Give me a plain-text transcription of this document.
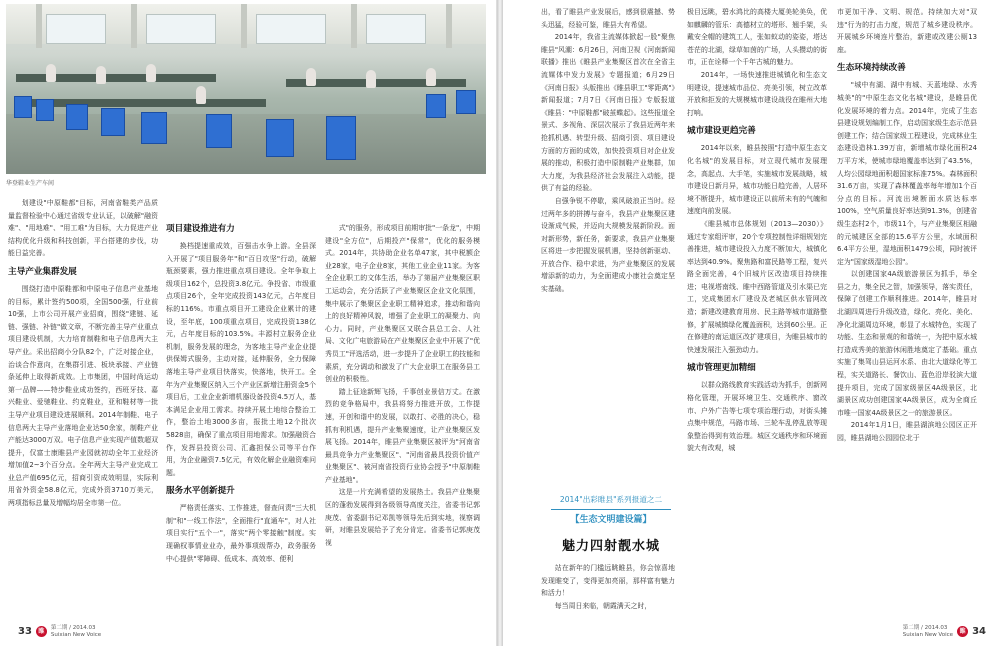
华登鞋业生产车间

划建设"中原鞋都"目标，河南省鞋类产品质量监督检验中心通过省级专业认证，以破解"融资难"、"用地难"、"用工难"为目标，大力促进产业结构优化升级和科技创新，平台搭建的步伐，功能日益完善。

主导产业集群发展

围绕打造中原鞋都和中原电子信息产业基地的目标，累计签约500项，全国500强，行业前10强，上市公司开展产业招商，围绕"建链、延链、强链、补链"做文章，不断完善主导产业重点项目建设机制，大力培育制鞋和电子信息两大主导产业。采出招商小分队82个，广泛对接企业，治谈合作意向，在集群引进、板块承接、产业链条延伸上取得新成效。上市集团，中国时尚运动第一品牌——特步鞋业成功签约，西班牙技、嘉兴鞋业、爱驰鞋业、约克鞋业，亚和鞋材等一批主导产业项目建设进展顺利。2014年制鞋、电子信息两大主导产业落地企业达50余家，制鞋产业产能达3000万双。电子信息产业实现产值数超双提升，仅富士康睢县产业园就初动全年工业经济增加值2~3个百分点。全年两大主导产业完成工业总产值695亿元，招商引资成效明显，实际利用省外资金58.8亿元，完成外资3710万美元，两项指标总量及增幅均居全市第一位。

项目建设推进有力

换档提速重成效，百强击水争上游。全县深入开展了"项目服务年"和"百日攻坚"行动，破解瓶颈要素，强力推进重点项目建设。全年争取上级项目162个，总投资3.8亿元。争投省、市级重点项目26个，全年完成投资143亿元，占年度目标的116%。市重点项目开工建设企业累计的建设，至年底，100项重点项目，完成投资138亿元，占年度目标的103.5%。丰源村立服务企业机制，服务发展的理念，为客地主导产业企业提供保姆式服务，主动对接，延伸服务，全力保障落地主导产业项目快落实，快落地，快开工。全年为产业集聚区纳入三个产业区新增注册资金5个项目后，工业企业新增机器设备投资4.5万人，基本满足企业用工需求。持续开展土地综合整治工作，整治土地3000多亩，报批土地12个批次5828亩，确保了重点项目用地需求。加强融资合作，发挥县投资公司、汇鑫担保公司等平台作用，为企业融资7.5亿元，有效化解企业融资难问题。

服务水平创新提升

严格责任落实、工作推进，督查问责"三大机制"和"一线工作法"，全面推行"直通车"，对人社项目实行"五个一"，落实"两个零接触"制度。实现确权事情业业办，最外事项级帮办，政务服务中心提供"零障碍、低成本、高效率、便利

式"的服务，形成项目前期审批"一条龙"，中期建设"全方位"，后期投产"保常"，优化的服务模式。2014年，共协助企业名单47家，其中税额企业28家，电子企业8家，其他工业企业11家。为客全企业职工的文体生活，举办了第届产业集聚区职工运动会，充分活跃了产业集聚区企业文化氛围，集中展示了集聚区企业职工精神追求，推动和谐向上的良好精神风貌，增强了企业职工的凝聚力、向心力。同时，产业集聚区又联合县总工会、人社局、文化广电旅游局在产业集聚区企业中开展了"优秀员工"评选活动，进一步提升了企业职工的技能和素质，充分调动和激发了广大企业职工在服务县工创业的积极性。

踏上征途新辉飞扬，千事创业景信万丈。在激烈的竞争格局中，我县将努力推进开放，工作提速，开创和谐中的发展，以敢打、必胜的决心，稳抓有利机遇，提升产业集聚速度，让产业集聚区发展飞扬。2014年，睢县产业集聚区被评为"河南省最具竞争力产业集聚区"、"河南省最具投资价值产业集聚区"、被河南省投资行业协会授予"中原制鞋产业基地"。

这是一片充满希望的发展热土。我县产业集聚区的蓬勃发展得到各级领导高度关注，省委书记郭庚茂、省委副书记邓凯等领导先后到实地，视察调研，对睢县发展给予了充分肯定。省委书记郭庚茂视

33	睢	第二期 / 2014.03
Suixian New Voice

出，看了睢县产业发展后，感到很震撼、势头迅猛，经验可鉴，睢县大有希望。

2014年，我省主流媒体掀起一股"聚焦睢县"风潮：6月26日，河南卫视《河南新闻联播》推出《睢县产业集聚区首次在全省主流媒体中发力发展》专题报道；6月29日《河南日报》头版推出《睢县职工"零距离"》新闻报道；7月7日《河南日报》专版报道《睢县："中原鞋都"破茧蝶起》。这些报道全景式、多视角、深层次展示了我县近两年来抢抓机遇、转型升级、招商引资、项目建设方面的方面的成效，加快投资项目对企业发展的推动，积极打造中原制鞋产业集群，加大力度，为我县经济社会发展注入动能，提供了有益的经验。

自强争锐不停歇，乘风破浪正当时。经过两年多的拼搏与奋斗，我县产业集聚区建设渐成气候，并迈向大规模发展新阶段。面对新形势，新任务，新要求，我县产业集聚区将进一步把握发展机遇，坚持创新驱动、开放合作、稳中求进，为产业集聚区的发展增添新的动力，为全面建成小康社会奠定坚实基础。

站在新年的门槛远眺睢县，你会惊喜地发现睢变了，变得更加亮丽，那样富有魅力和活力！

每当周日来临，朝霞满天之时，

极目远眺，碧水鸿比的高楼大厦美轮美奂，优如麒麟的管乐：高德材立的塔形、翘手架，头戴安全帽的建筑工人，张如蚁动的姿姿，塔达苍茫的北湖，绿草如茵的广场，人头攒动的街市，正在诠释一个千年古城的魅力。

2014年，一场快速推进城镇化和生态文明建设，提速城市品位、亮美引领，树立改革开放和拒发的大规模城市建设战役在睢州大地打响。

城市建设更趋完善

2014年以来，睢县按照"打造中原生态文化名城"的发展目标，对立现代城市发展理念，高起点、大手笔，实施城市发展战略，城市建设日新月异，城市功能日趋完善，人居环境不断提升，城市建设正以前所未有的气魄和速度向前发展。

《睢县城市总体规划（2013—2030）》通过专家组评审，20个专项控制性详细规划完善推进，城市建设投入力度不断加大，城镇化率达到40.9%。聚焦路和富民路等工程，复兴路全面完善，4个旧城片区改造项目持续推进；电视塔南线、睢中西路管道及引水渠已完工，完成集团水厂建设及老城区供水管网改造；新建改建教育用房、民主路等城市道路整修，扩展城镇绿化覆盖面积，达到60公里。正在修建的南运道区改扩建项目，为睢县城市的快速发展注入强劲动力。

城市管理更加精细

以群众路线教育实践活动为抓手，创新网格化管理，开展环境卫生、交通秩序、窗改市、户外广告等七项专项治理行动，对街头摊点集中规范，马路市场、三轮车乱停乱放等现象整治得到有效治理。城区交通秩序和环境面貌大有改观，城

市更加干净、文明、规范。持续加大对"双违"行为的打击力度，规范了城乡建设秩序。开展城乡环境连片整治，新建或改建公厕13座。

生态环境持续改善

"城中有湖、湖中有城、天蓝地绿、水秀城美"的"中原生态文化名城"建设，是睢县优化发展环境的着力点。2014年，完成了生态县建设规划编制工作，启动国家级生态示范县创建工作；结合国家级工程建设，完成林业生态建设造林1.39万亩，新增城市绿化面积24万平方米，使城市绿地覆盖率达到了43.5%，人均公园绿地面积超国家标准75%。森林面积31.6万亩，实现了森林覆盖率每年增加1个百分点的目标。河流出境断面水质达标率100%，空气质量良好率达到91.3%，创建省级生态村2个，市级11个，与产业集聚区相融的元城建区全部的15.6平方公里，水域面积6.4平方公里，湿地面积1479公顷，同时被评定为"国家级湿地公园"。

以创建国家4A级旅游景区为抓手，举全县之力，集全民之智，加强领导，落实责任，保障了创建工作顺利推进。2014年，睢县对北湖四周进行升级改造，绿化、亮化、美化、净化北湖周边环境，彰显了水城特色，实现了功能、生态和景观的和谐统一，为把中原水城打造成秀美的旅游休闲胜地奠定了基础。重点实施了集驾山县运河水系、由北大道绿化等工程，实关道路长、餐饮山、蓝色沿岸驳滨大道提升项目，完成了国家级景区4A级景区，北湖景区成功创建国家4A级景区，成为全商丘市唯一国家4A级景区之一的旅游景区。

2014年1月1日，睢县湖滨地公园区正开园，睢县湖地公园园位北于

第二期 / 2014.03
Suixian New Voice	睢 34
2014"出彩睢县"系列报道之二
【生态文明建设篇】
魅力四射靓水城
